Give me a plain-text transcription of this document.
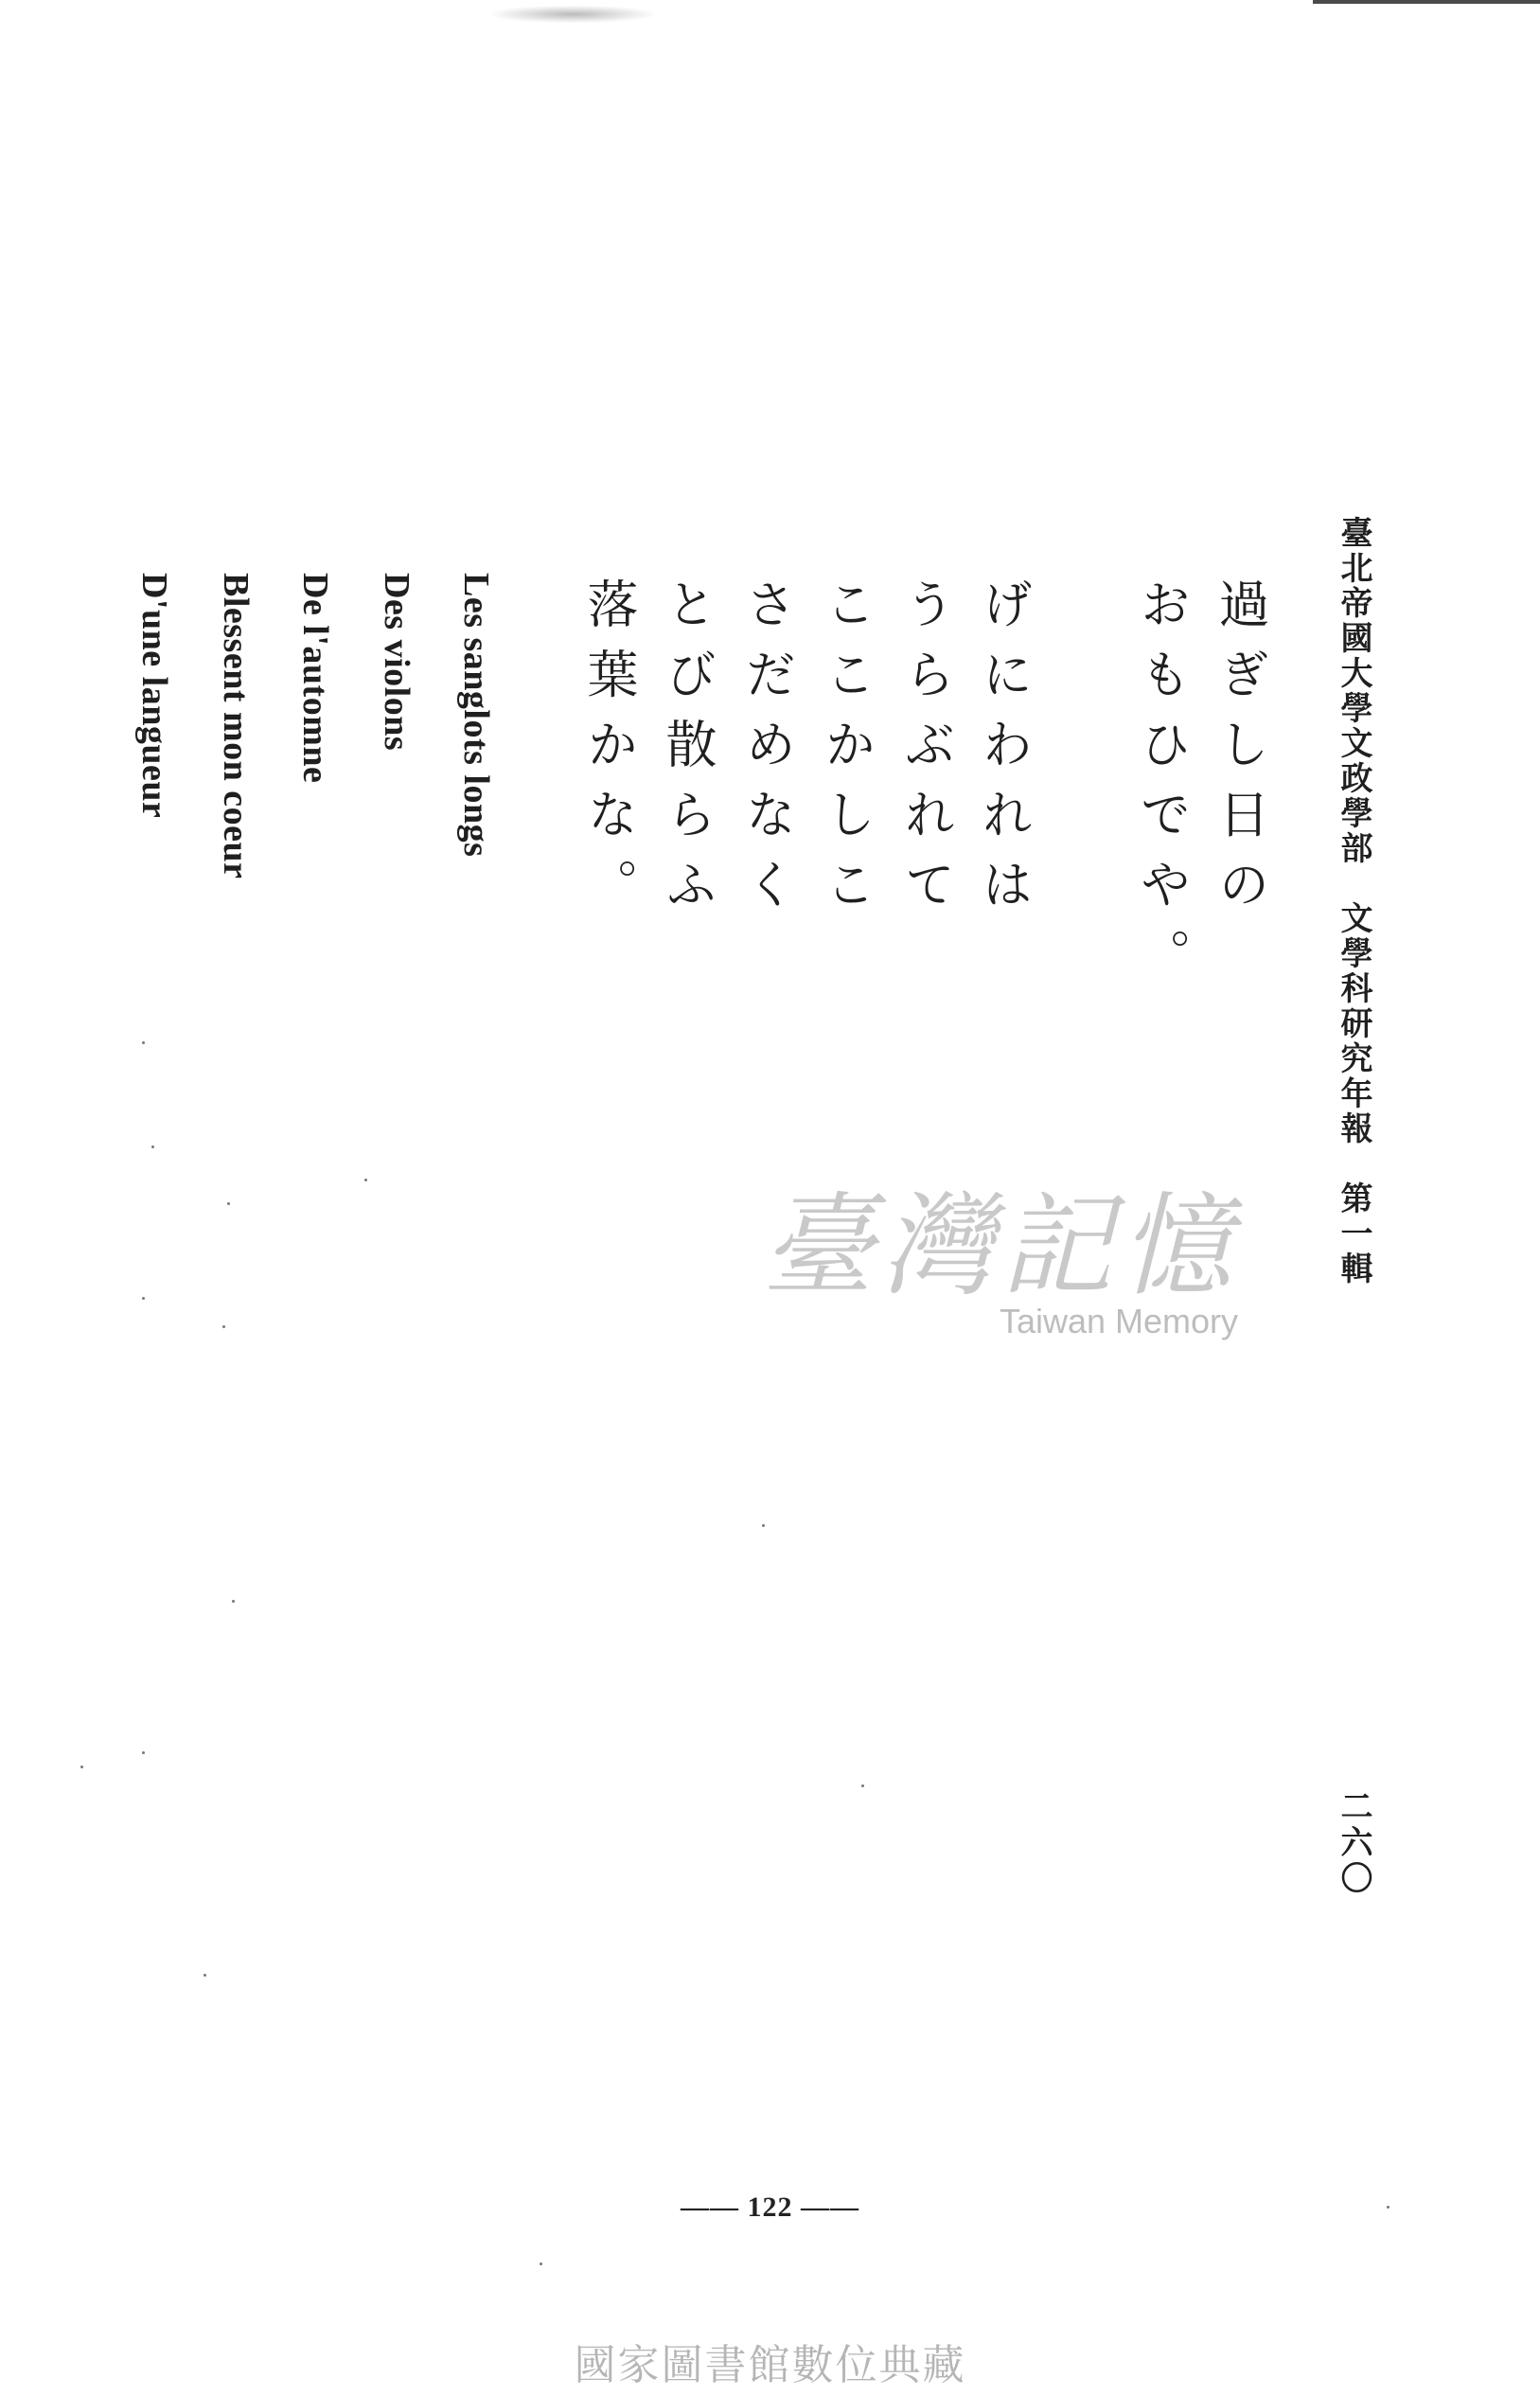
臺北帝國大學文政學部　文學科研究年報　第一輯
二六〇
過ぎし日の
おもひでや。
げにわれは
うらぶれて
ここかしこ
さだめなく
とび散らふ
落葉かな。
Les sanglots longs
Des violons
De l'automne
Blessent mon coeur
D'une langueur
臺灣記憶
Taiwan Memory
—— 122 ——
國家圖書館數位典藏
